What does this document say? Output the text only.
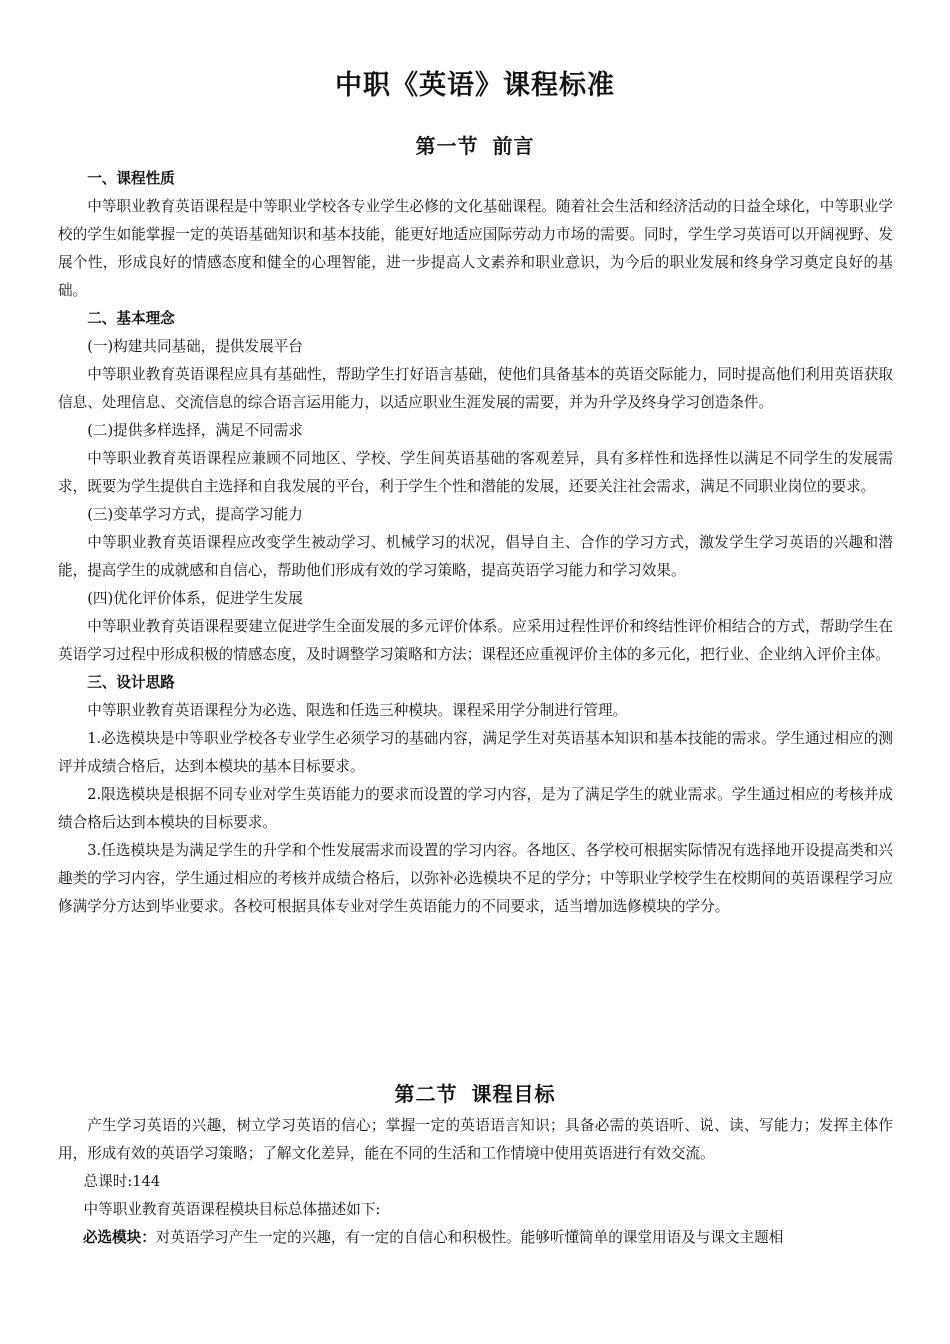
中职《英语》课程标准
第一节 前言

一、课程性质

中等职业教育英语课程是中等职业学校各专业学生必修的文化基础课程。随着社会生活和经济活动的日益全球化，中等职业学校的学生如能掌握一定的英语基础知识和基本技能，能更好地适应国际劳动力市场的需要。同时，学生学习英语可以开阔视野、发展个性，形成良好的情感态度和健全的心理智能，进一步提高人文素养和职业意识，为今后的职业发展和终身学习奠定良好的基础。

二、基本理念

(一)构建共同基础，提供发展平台

中等职业教育英语课程应具有基础性，帮助学生打好语言基础，使他们具备基本的英语交际能力，同时提高他们利用英语获取信息、处理信息、交流信息的综合语言运用能力，以适应职业生涯发展的需要，并为升学及终身学习创造条件。

(二)提供多样选择，满足不同需求

中等职业教育英语课程应兼顾不同地区、学校、学生间英语基础的客观差异，具有多样性和选择性以满足不同学生的发展需求，既要为学生提供自主选择和自我发展的平台，利于学生个性和潜能的发展，还要关注社会需求，满足不同职业岗位的要求。

(三)变革学习方式，提高学习能力

中等职业教育英语课程应改变学生被动学习、机械学习的状况，倡导自主、合作的学习方式，激发学生学习英语的兴趣和潜能，提高学生的成就感和自信心，帮助他们形成有效的学习策略，提高英语学习能力和学习效果。

(四)优化评价体系，促进学生发展

中等职业教育英语课程要建立促进学生全面发展的多元评价体系。应采用过程性评价和终结性评价相结合的方式，帮助学生在英语学习过程中形成积极的情感态度，及时调整学习策略和方法；课程还应重视评价主体的多元化，把行业、企业纳入评价主体。

三、设计思路

中等职业教育英语课程分为必选、限选和任选三种模块。课程采用学分制进行管理。

1.必选模块是中等职业学校各专业学生必须学习的基础内容，满足学生对英语基本知识和基本技能的需求。学生通过相应的测评并成绩合格后，达到本模块的基本目标要求。

2.限选模块是根据不同专业对学生英语能力的要求而设置的学习内容，是为了满足学生的就业需求。学生通过相应的考核并成绩合格后达到本模块的目标要求。

3.任选模块是为满足学生的升学和个性发展需求而设置的学习内容。各地区、各学校可根据实际情况有选择地开设提高类和兴趣类的学习内容，学生通过相应的考核并成绩合格后，以弥补必选模块不足的学分；中等职业学校学生在校期间的英语课程学习应修满学分方达到毕业要求。各校可根据具体专业对学生英语能力的不同要求，适当增加选修模块的学分。

第二节 课程目标

产生学习英语的兴趣，树立学习英语的信心；掌握一定的英语语言知识；具备必需的英语听、说、读、写能力；发挥主体作用，形成有效的英语学习策略；了解文化差异，能在不同的生活和工作情境中使用英语进行有效交流。

总课时:144

中等职业教育英语课程模块目标总体描述如下:

必选模块：对英语学习产生一定的兴趣，有一定的自信心和积极性。能够听懂简单的课堂用语及与课文主题相
